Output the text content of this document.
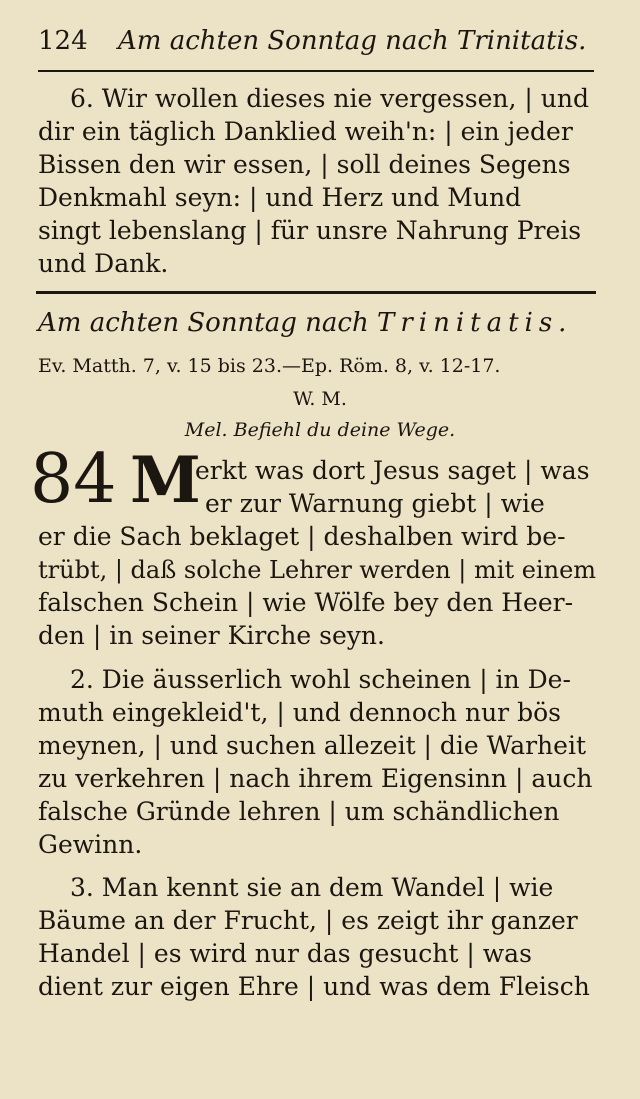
124 Am achten Sonntag nach Trinitatis.
6. Wir wollen dieses nie vergessen, | und
dir ein täglich Danklied weih'n: | ein jeder
Bissen den wir essen, | soll deines Segens
Denkmahl seyn: | und Herz und Mund
singt lebenslang | für unsre Nahrung Preis
und Dank.
Am achten Sonntag nach Trinitatis.
Ev. Matth. 7, v. 15 bis 23.—Ep. Röm. 8, v. 12-17.
W. M.
Mel. Befiehl du deine Wege.
84 M
erkt was dort Jesus saget | was
er zur Warnung giebt | wie
er die Sach beklaget | deshalben wird be-
trübt, | daß solche Lehrer werden | mit einem
falschen Schein | wie Wölfe bey den Heer-
den | in seiner Kirche seyn.
2. Die äusserlich wohl scheinen | in De-
muth eingekleid't, | und dennoch nur bös
meynen, | und suchen allezeit | die Warheit
zu verkehren | nach ihrem Eigensinn | auch
falsche Gründe lehren | um schändlichen
Gewinn.
3. Man kennt sie an dem Wandel | wie
Bäume an der Frucht, | es zeigt ihr ganzer
Handel | es wird nur das gesucht | was
dient zur eigen Ehre | und was dem Fleisch
